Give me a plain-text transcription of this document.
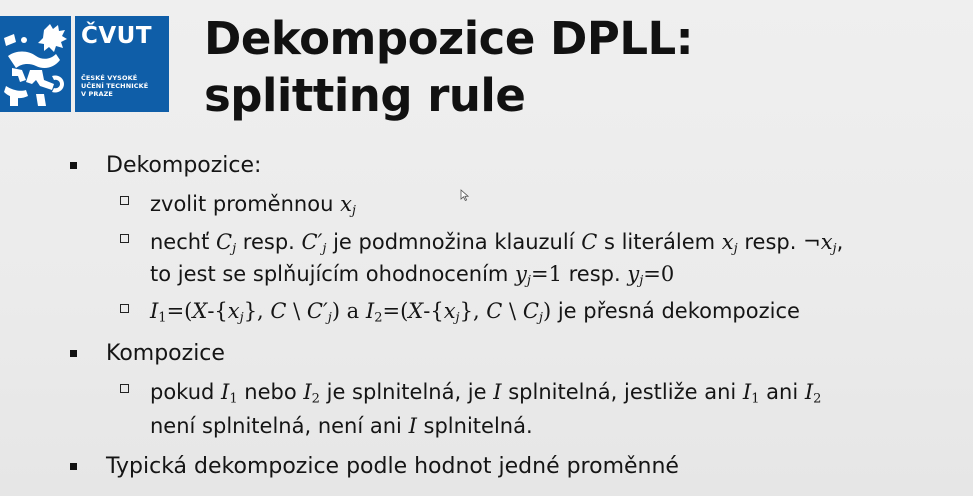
ČVUT
ČESKÉ VYSOKÉ
UČENÍ TECHNICKÉ
V PRAZE
Dekompozice DPLL:
splitting rule
Dekompozice:
zvolit proměnnou xj
nechť Cj resp. C′j je podmnožina klauzulí C s literálem xj resp. ¬xj,
to jest se splňujícím ohodnocením yj=1 resp. yj=0
I1=(X-{xj}, C \ C′j) a I2=(X-{xj}, C \ Cj) je přesná dekompozice
Kompozice
pokud I1 nebo I2 je splnitelná, je I splnitelná, jestliže ani I1 ani I2
není splnitelná, není ani I splnitelná.
Typická dekompozice podle hodnot jedné proměnné
